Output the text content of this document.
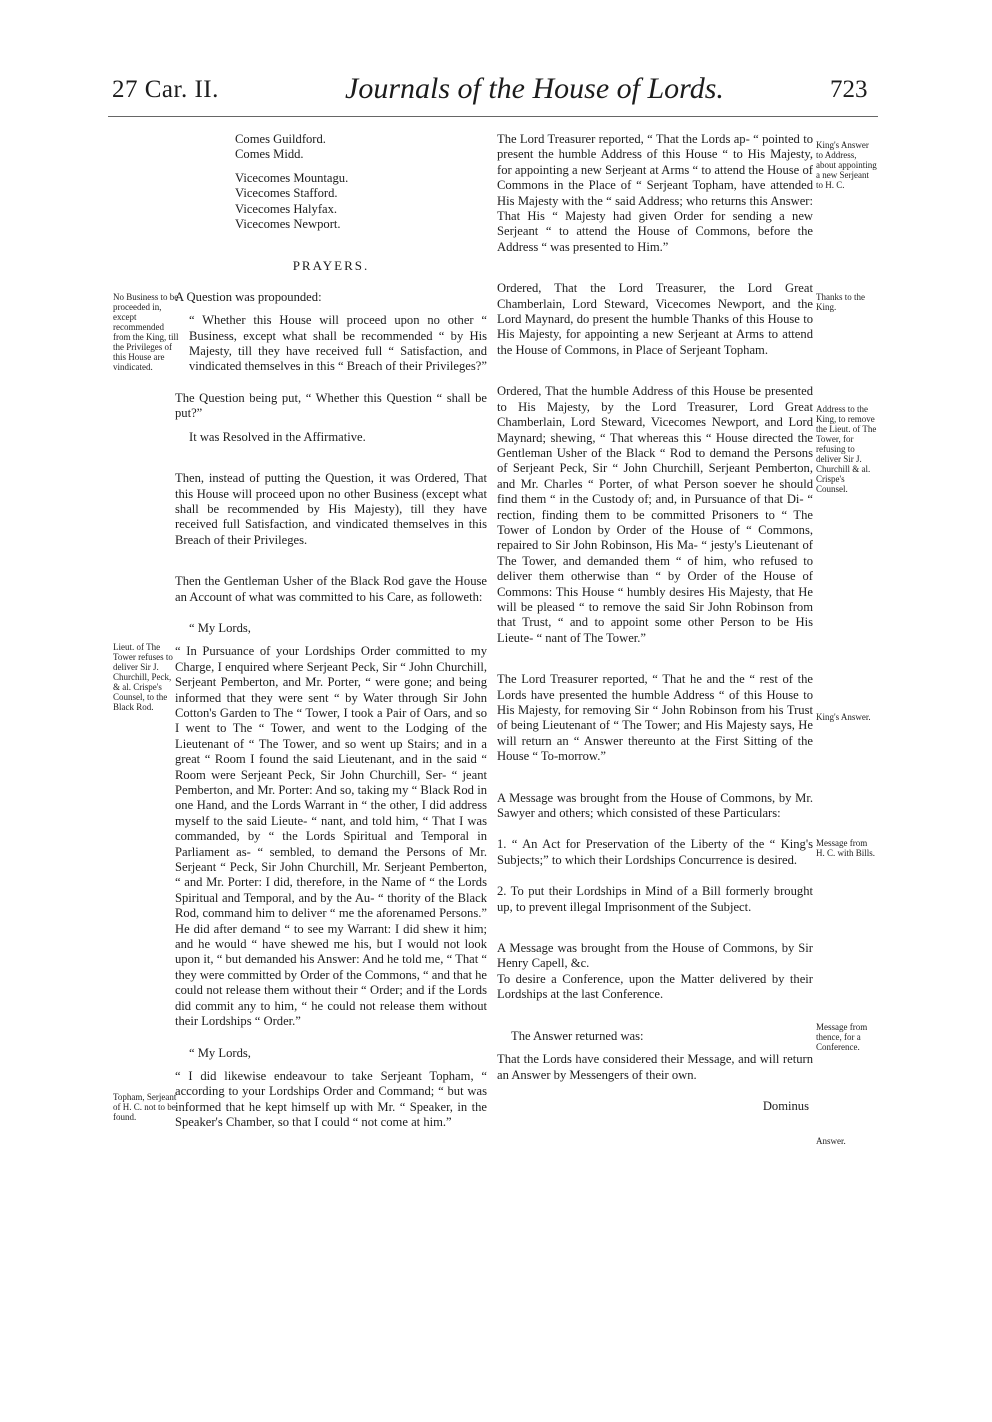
27 Car. II.	Journals of the House of Lords.	723
No Business to be proceeded in, except recommended from the King, till the Privileges of this House are vindicated.
Lieut. of The Tower refuses to deliver Sir J. Churchill, Peck, & al. Crispe's Counsel, to the Black Rod.
Topham, Serjeant of H. C. not to be found.
King's Answer to Address, about appointing a new Serjeant to H. C.
Thanks to the King.
Address to the King, to remove the Lieut. of The Tower, for refusing to deliver Sir J. Churchill & al. Crispe's Counsel.
King's Answer.
Message from H. C. with Bills.
Message from thence, for a Conference.
Answer.
Comes Guildford.
Comes Midd.
Vicecomes Mountagu.
Vicecomes Stafford.
Vicecomes Halyfax.
Vicecomes Newport.

PRAYERS.

A Question was propounded:

“ Whether this House will proceed upon no other “ Business, except what shall be recommended “ by His Majesty, till they have received full “ Satisfaction, and vindicated themselves in this “ Breach of their Privileges?”

The Question being put, “ Whether this Question “ shall be put?”

It was Resolved in the Affirmative.

Then, instead of putting the Question, it was Ordered, That this House will proceed upon no other Business (except what shall be recommended by His Majesty), till they have received full Satisfaction, and vindicated themselves in this Breach of their Privileges.

Then the Gentleman Usher of the Black Rod gave the House an Account of what was committed to his Care, as followeth:

“ My Lords,

“ In Pursuance of your Lordships Order committed to my Charge, I enquired where Serjeant Peck, Sir “ John Churchill, Serjeant Pemberton, and Mr. Porter, “ were gone; and being informed that they were sent “ by Water through Sir John Cotton's Garden to The “ Tower, I took a Pair of Oars, and so I went to The “ Tower, and went to the Lodging of the Lieutenant of “ The Tower, and so went up Stairs; and in a great “ Room I found the said Lieutenant, and in the said “ Room were Serjeant Peck, Sir John Churchill, Ser- “ jeant Pemberton, and Mr. Porter: And so, taking my “ Black Rod in one Hand, and the Lords Warrant in “ the other, I did address myself to the said Lieute- “ nant, and told him, “ That I was commanded, by “ the Lords Spiritual and Temporal in Parliament as- “ sembled, to demand the Persons of Mr. Serjeant “ Peck, Sir John Churchill, Mr. Serjeant Pemberton, “ and Mr. Porter: I did, therefore, in the Name of “ the Lords Spiritual and Temporal, and by the Au- “ thority of the Black Rod, command him to deliver “ me the aforenamed Persons.” He did after demand “ to see my Warrant: I did shew it him; and he would “ have shewed me his, but I would not look upon it, “ but demanded his Answer: And he told me, “ That “ they were committed by Order of the Commons, “ and that he could not release them without their “ Order; and if the Lords did commit any to him, “ he could not release them without their Lordships “ Order.”

“ My Lords,

“ I did likewise endeavour to take Serjeant Topham, “ according to your Lordships Order and Command; “ but was informed that he kept himself up with Mr. “ Speaker, in the Speaker's Chamber, so that I could “ not come at him.”

The Lord Treasurer reported, “ That the Lords ap- “ pointed to present the humble Address of this House “ to His Majesty, for appointing a new Serjeant at Arms “ to attend the House of Commons in the Place of “ Serjeant Topham, have attended His Majesty with the “ said Address; who returns this Answer: That His “ Majesty had given Order for sending a new Serjeant “ to attend the House of Commons, before the Address “ was presented to Him.”

Ordered, That the Lord Treasurer, the Lord Great Chamberlain, Lord Steward, Vicecomes Newport, and the Lord Maynard, do present the humble Thanks of this House to His Majesty, for appointing a new Serjeant at Arms to attend the House of Commons, in Place of Serjeant Topham.

Ordered, That the humble Address of this House be presented to His Majesty, by the Lord Treasurer, Lord Great Chamberlain, Lord Steward, Vicecomes Newport, and Lord Maynard; shewing, “ That whereas this “ House directed the Gentleman Usher of the Black “ Rod to demand the Persons of Serjeant Peck, Sir “ John Churchill, Serjeant Pemberton, and Mr. Charles “ Porter, of what Person soever he should find them “ in the Custody of; and, in Pursuance of that Di- “ rection, finding them to be committed Prisoners to “ The Tower of London by Order of the House of “ Commons, repaired to Sir John Robinson, His Ma- “ jesty's Lieutenant of The Tower, and demanded them “ of him, who refused to deliver them otherwise than “ by Order of the House of Commons: This House “ humbly desires His Majesty, that He will be pleased “ to remove the said Sir John Robinson from that Trust, “ and to appoint some other Person to be His Lieute- “ nant of The Tower.”

The Lord Treasurer reported, “ That he and the “ rest of the Lords have presented the humble Address “ of this House to His Majesty, for removing Sir “ John Robinson from his Trust of being Lieutenant of “ The Tower; and His Majesty says, He will return an “ Answer thereunto at the First Sitting of the House “ To-morrow.”

A Message was brought from the House of Commons, by Mr. Sawyer and others; which consisted of these Particulars:

1. “ An Act for Preservation of the Liberty of the “ King's Subjects;” to which their Lordships Concurrence is desired.

2. To put their Lordships in Mind of a Bill formerly brought up, to prevent illegal Imprisonment of the Subject.

A Message was brought from the House of Commons, by Sir Henry Capell, &c.

To desire a Conference, upon the Matter delivered by their Lordships at the last Conference.

The Answer returned was:

That the Lords have considered their Message, and will return an Answer by Messengers of their own.

Dominus
